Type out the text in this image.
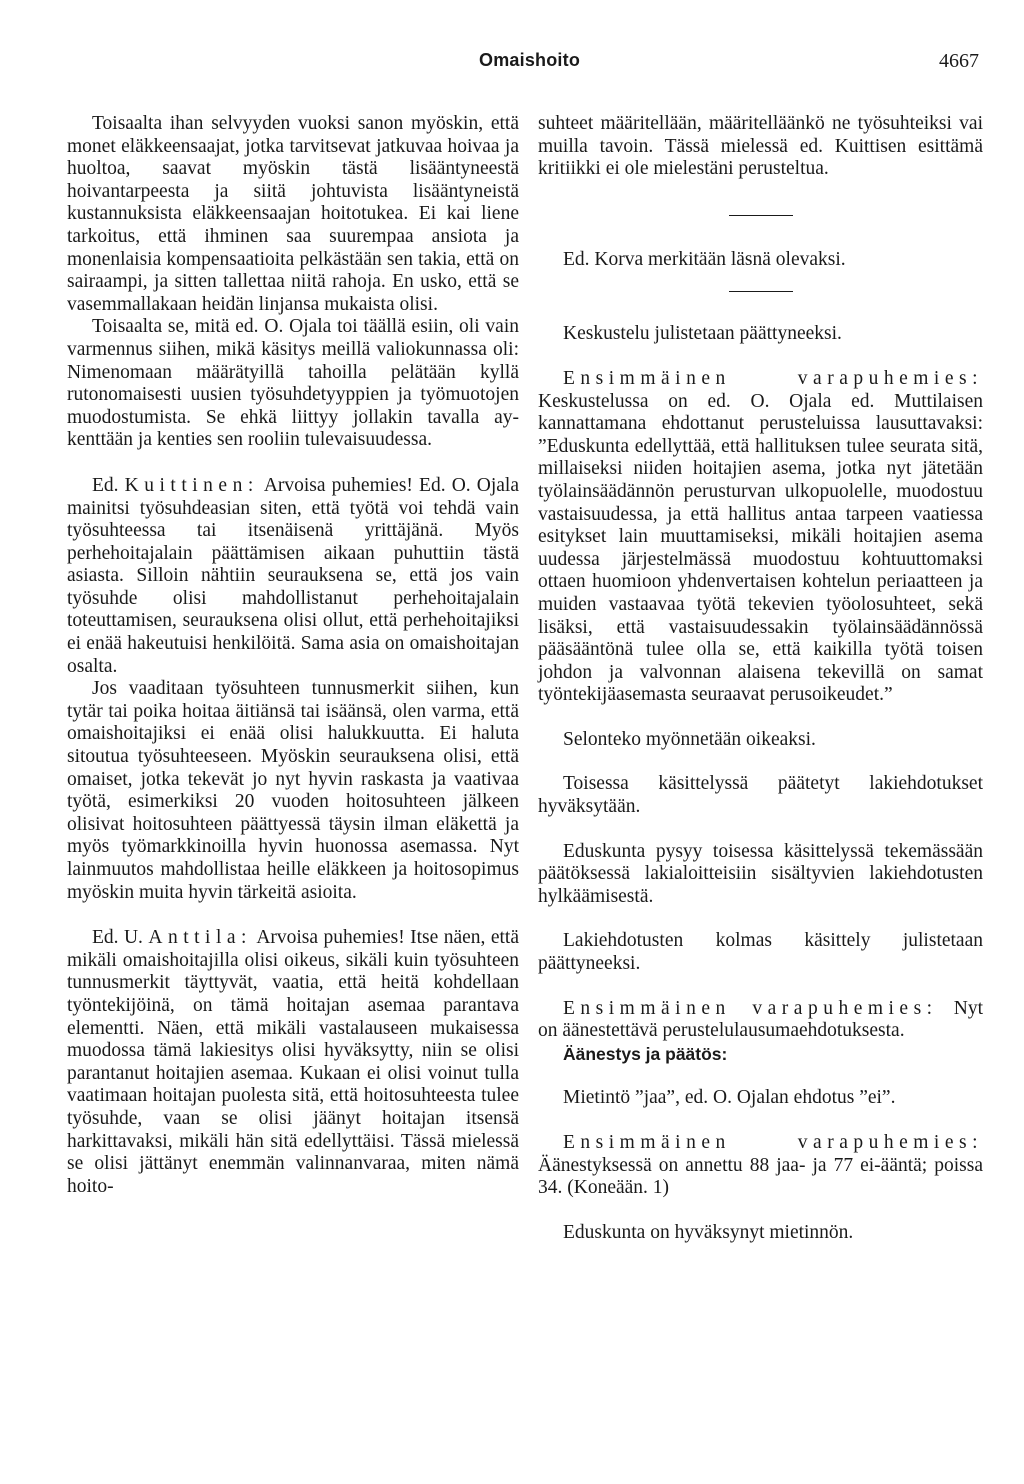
Omaishoito	4667

Toisaalta ihan selvyyden vuoksi sanon myöskin, että monet eläkkeensaajat, jotka tarvitsevat jatkuvaa hoivaa ja huoltoa, saavat myöskin tästä lisääntyneestä hoivantarpeesta ja siitä johtuvista lisääntyneistä kustannuksista eläkkeensaajan hoitotukea. Ei kai liene tarkoitus, että ihminen saa suurempaa ansiota ja monenlaisia kompensaatioita pelkästään sen takia, että on sairaampi, ja sitten tallettaa niitä rahoja. En usko, että se vasemmallakaan heidän linjansa mukaista olisi.

Toisaalta se, mitä ed. O. Ojala toi täällä esiin, oli vain varmennus siihen, mikä käsitys meillä valiokunnassa oli: Nimenomaan määrätyillä tahoilla pelätään kyllä rutonomaisesti uusien työsuhdetyyppien ja työmuotojen muodostumista. Se ehkä liittyy jollakin tavalla ay-kenttään ja kenties sen rooliin tulevaisuudessa.

Ed. Kuittinen: Arvoisa puhemies! Ed. O. Ojala mainitsi työsuhdeasian siten, että työtä voi tehdä vain työsuhteessa tai itsenäisenä yrittäjänä. Myös perhehoitajalain päättämisen aikaan puhuttiin tästä asiasta. Silloin nähtiin seurauksena se, että jos vain työsuhde olisi mahdollistanut perhehoitajalain toteuttamisen, seurauksena olisi ollut, että perhehoitajiksi ei enää hakeutuisi henkilöitä. Sama asia on omaishoitajan osalta.

Jos vaaditaan työsuhteen tunnusmerkit siihen, kun tytär tai poika hoitaa äitiänsä tai isäänsä, olen varma, että omaishoitajiksi ei enää olisi halukkuutta. Ei haluta sitoutua työsuhteeseen. Myöskin seurauksena olisi, että omaiset, jotka tekevät jo nyt hyvin raskasta ja vaativaa työtä, esimerkiksi 20 vuoden hoitosuhteen jälkeen olisivat hoitosuhteen päättyessä täysin ilman eläkettä ja myös työmarkkinoilla hyvin huonossa asemassa. Nyt lainmuutos mahdollistaa heille eläkkeen ja hoitosopimus myöskin muita hyvin tärkeitä asioita.

Ed. U. Anttila: Arvoisa puhemies! Itse näen, että mikäli omaishoitajilla olisi oikeus, sikäli kuin työsuhteen tunnusmerkit täyttyvät, vaatia, että heitä kohdellaan työntekijöinä, on tämä hoitajan asemaa parantava elementti. Näen, että mikäli vastalauseen mukaisessa muodossa tämä lakiesitys olisi hyväksytty, niin se olisi parantanut hoitajien asemaa. Kukaan ei olisi voinut tulla vaatimaan hoitajan puolesta sitä, että hoitosuhteesta tulee työsuhde, vaan se olisi jäänyt hoitajan itsensä harkittavaksi, mikäli hän sitä edellyttäisi. Tässä mielessä se olisi jättänyt enemmän valinnanvaraa, miten nämä hoito-

suhteet määritellään, määritelläänkö ne työsuhteiksi vai muilla tavoin. Tässä mielessä ed. Kuittisen esittämä kritiikki ei ole mielestäni perusteltua.

Ed. Korva merkitään läsnä olevaksi.

Keskustelu julistetaan päättyneeksi.

Ensimmäinen varapuhemies: Keskustelussa on ed. O. Ojala ed. Muttilaisen kannattamana ehdottanut perusteluissa lausuttavaksi: ”Eduskunta edellyttää, että hallituksen tulee seurata sitä, millaiseksi niiden hoitajien asema, jotka nyt jätetään työlainsäädännön perusturvan ulkopuolelle, muodostuu vastaisuudessa, ja että hallitus antaa tarpeen vaatiessa esitykset lain muuttamiseksi, mikäli hoitajien asema uudessa järjestelmässä muodostuu kohtuuttomaksi ottaen huomioon yhdenvertaisen kohtelun periaatteen ja muiden vastaavaa työtä tekevien työolosuhteet, sekä lisäksi, että vastaisuudessakin työlainsäädännössä pääsääntönä tulee olla se, että kaikilla työtä toisen johdon ja valvonnan alaisena tekevillä on samat työntekijäasemasta seuraavat perusoikeudet.”

Selonteko myönnetään oikeaksi.

Toisessa käsittelyssä päätetyt lakiehdotukset hyväksytään.

Eduskunta pysyy toisessa käsittelyssä tekemässään päätöksessä lakialoitteisiin sisältyvien lakiehdotusten hylkäämisestä.

Lakiehdotusten kolmas käsittely julistetaan päättyneeksi.

Ensimmäinen varapuhemies: Nyt on äänestettävä perustelulausumaehdotuksesta.

Äänestys ja päätös:

Mietintö ”jaa”, ed. O. Ojalan ehdotus ”ei”.

Ensimmäinen varapuhemies: Äänestyksessä on annettu 88 jaa- ja 77 ei-ääntä; poissa 34. (Koneään. 1)

Eduskunta on hyväksynyt mietinnön.
